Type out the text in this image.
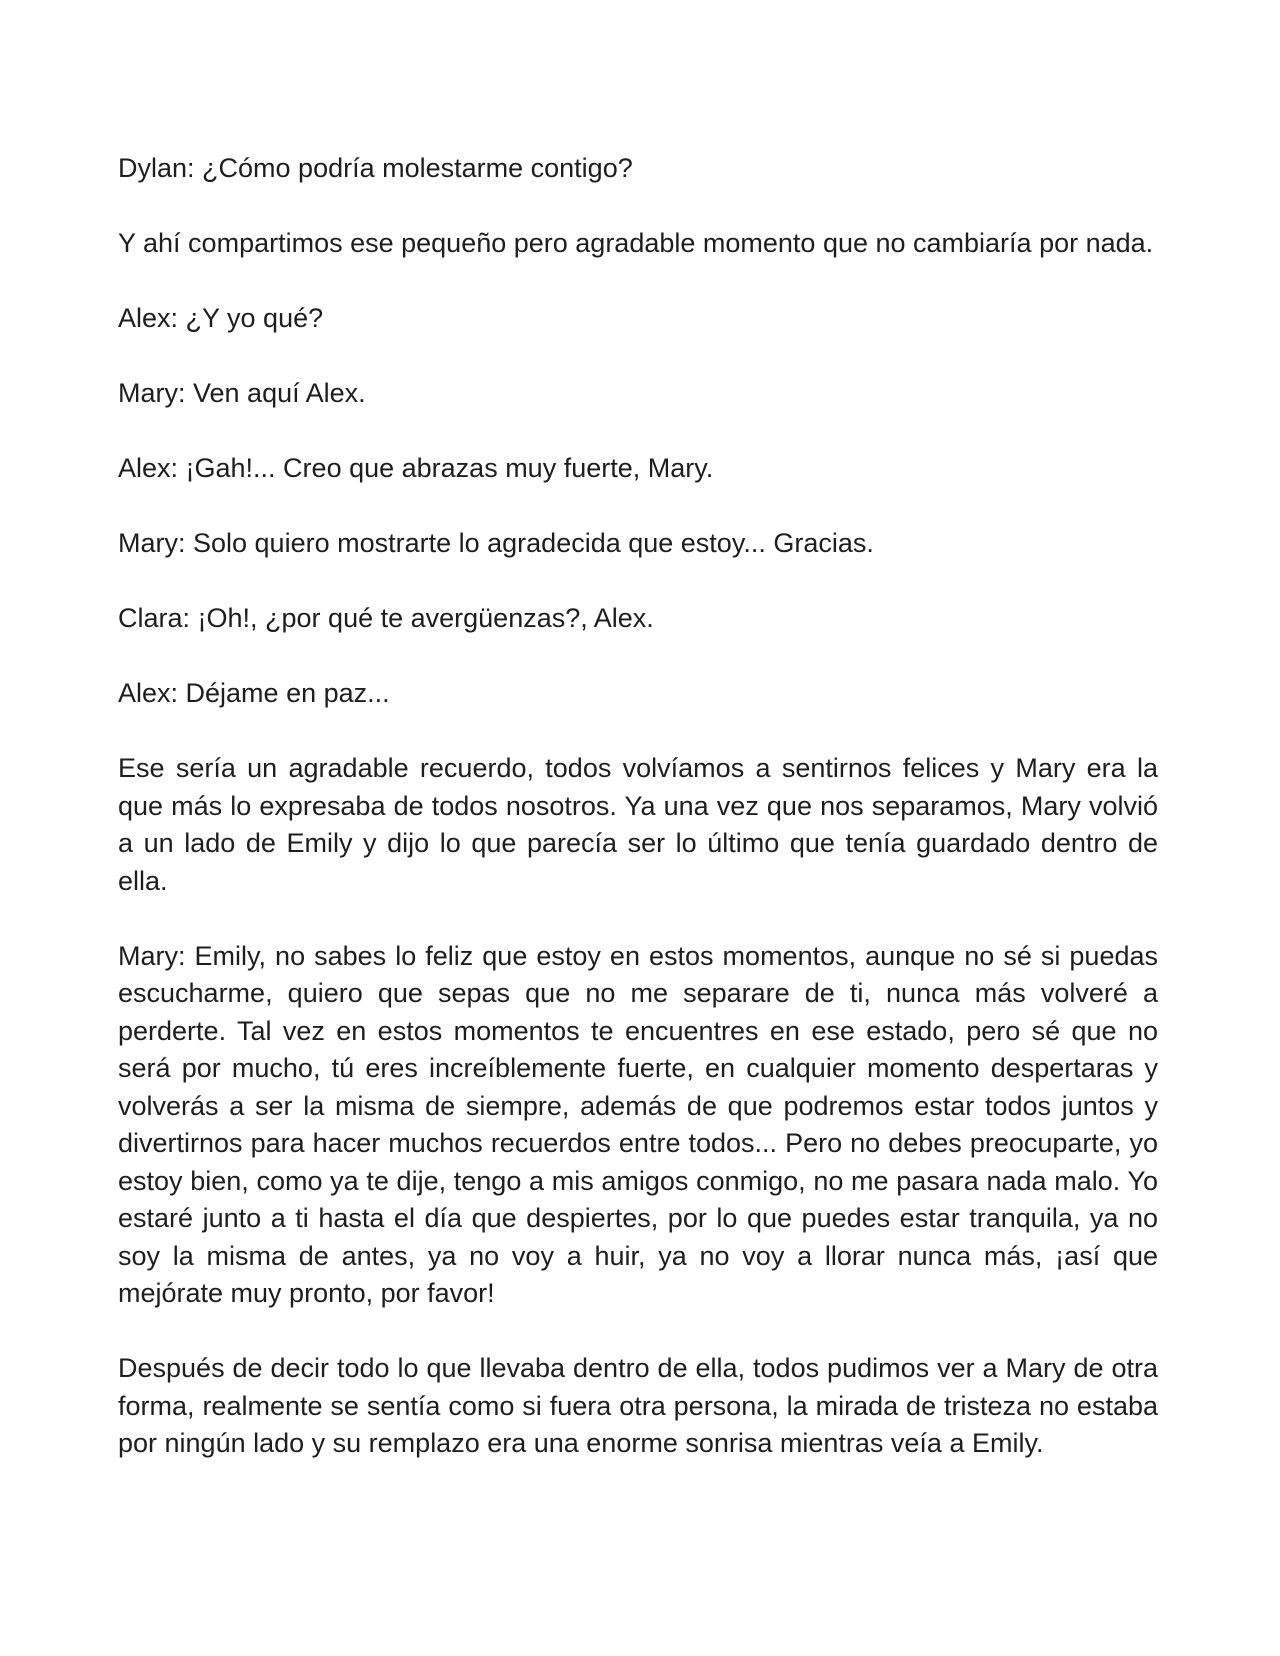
Dylan: ¿Cómo podría molestarme contigo?

Y ahí compartimos ese pequeño pero agradable momento que no cambiaría por nada.

Alex: ¿Y yo qué?

Mary: Ven aquí Alex.

Alex: ¡Gah!... Creo que abrazas muy fuerte, Mary.

Mary: Solo quiero mostrarte lo agradecida que estoy... Gracias.

Clara: ¡Oh!, ¿por qué te avergüenzas?, Alex.

Alex: Déjame en paz...

Ese sería un agradable recuerdo, todos volvíamos a sentirnos felices y Mary era la que más lo expresaba de todos nosotros. Ya una vez que nos separamos, Mary volvió a un lado de Emily y dijo lo que parecía ser lo último que tenía guardado dentro de ella.

Mary: Emily, no sabes lo feliz que estoy en estos momentos, aunque no sé si puedas escucharme, quiero que sepas que no me separare de ti, nunca más volveré a perderte. Tal vez en estos momentos te encuentres en ese estado, pero sé que no será por mucho, tú eres increíblemente fuerte, en cualquier momento despertaras y volverás a ser la misma de siempre, además de que podremos estar todos juntos y divertirnos para hacer muchos recuerdos entre todos... Pero no debes preocuparte, yo estoy bien, como ya te dije, tengo a mis amigos conmigo, no me pasara nada malo. Yo estaré junto a ti hasta el día que despiertes, por lo que puedes estar tranquila, ya no soy la misma de antes, ya no voy a huir, ya no voy a llorar nunca más, ¡así que mejórate muy pronto, por favor!

Después de decir todo lo que llevaba dentro de ella, todos pudimos ver a Mary de otra forma, realmente se sentía como si fuera otra persona, la mirada de tristeza no estaba por ningún lado y su remplazo era una enorme sonrisa mientras veía a Emily.
